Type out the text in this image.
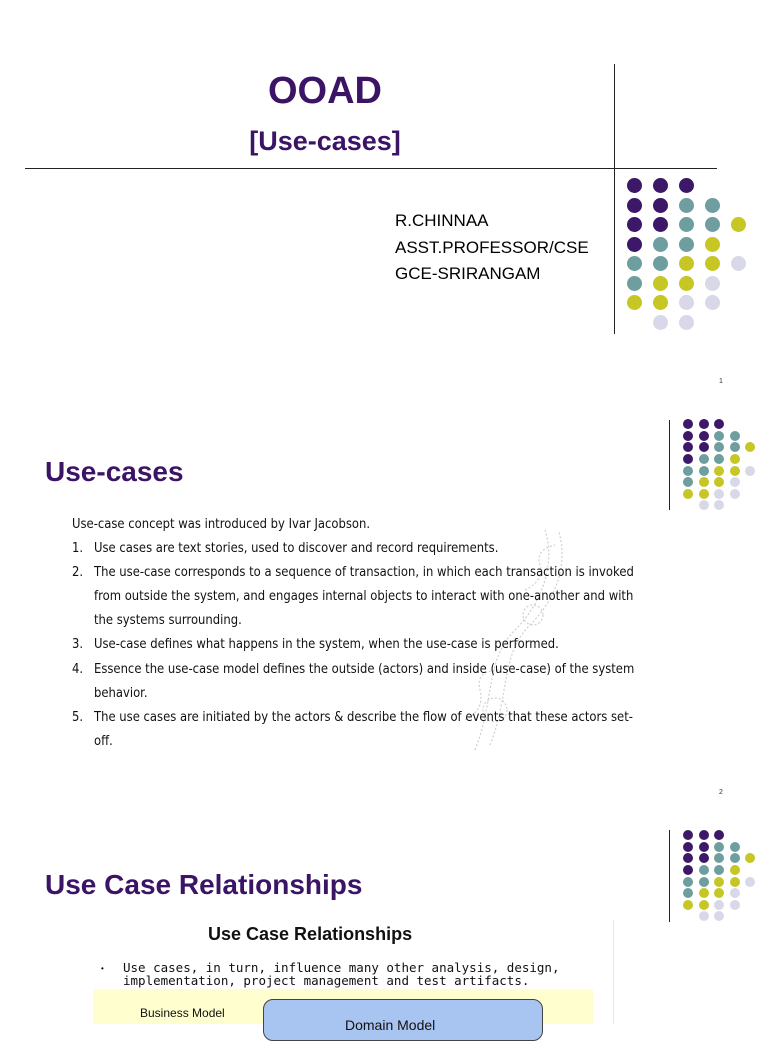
OOAD
[Use-cases]
R.CHINNAA
ASST.PROFESSOR/CSE
GCE-SRIRANGAM
1
Use-cases
Use-case concept was introduced by Ivar Jacobson.
1. Use cases are text stories, used to discover and record requirements.
2. The use-case corresponds to a sequence of transaction, in which each transaction is invoked
from outside the system, and engages internal objects to interact with one-another and with
the systems surrounding.
3. Use-case defines what happens in the system, when the use-case is performed.
4. Essence the use-case model defines the outside (actors) and inside (use-case) of the system
behavior.
5. The use cases are initiated by the actors & describe the flow of events that these actors set-
off.
2
Use Case Relationships
Use Case Relationships
• Use cases, in turn, influence many other analysis, design,
implementation, project management and test artifacts.
Business Model
Domain Model
